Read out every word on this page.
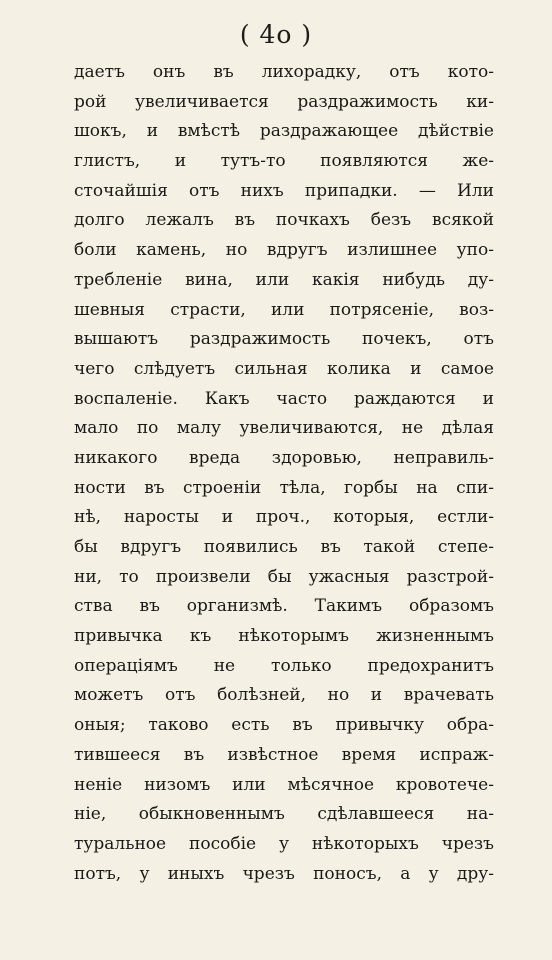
( 4o )
даетъ онъ въ лихорадку, отъ кото-
рой увеличивается раздражимость ки-
шокъ, и вмѣстѣ раздражающее дѣйствіе
глистъ, и тутъ-то появляются же-
сточайшія отъ нихъ припадки. — Или
долго лежалъ въ почкахъ безъ всякой
боли камень, но вдругъ излишнее упо-
требленіе вина, или какія нибудь ду-
шевныя страсти, или потрясеніе, воз-
вышаютъ раздражимость почекъ, отъ
чего слѣдуетъ сильная колика и самое
воспаленіе. Какъ часто раждаются и
мало по малу увеличиваются, не дѣлая
никакого вреда здоровью, неправиль-
ности въ строеніи тѣла, горбы на спи-
нѣ, наросты и проч., которыя, естли-
бы вдругъ появились въ такой степе-
ни, то произвели бы ужасныя разстрой-
ства въ организмѣ. Такимъ образомъ
привычка къ нѣкоторымъ жизненнымъ
операціямъ не только предохранитъ
можетъ отъ болѣзней, но и врачевать
оныя; таково есть въ привычку обра-
тившееся въ извѣстное время испраж-
неніе низомъ или мѣсячное кровотече-
ніе, обыкновеннымъ сдѣлавшееся на-
туральное пособіе у нѣкоторыхъ чрезъ
потъ, у иныхъ чрезъ поносъ, а у дру-
